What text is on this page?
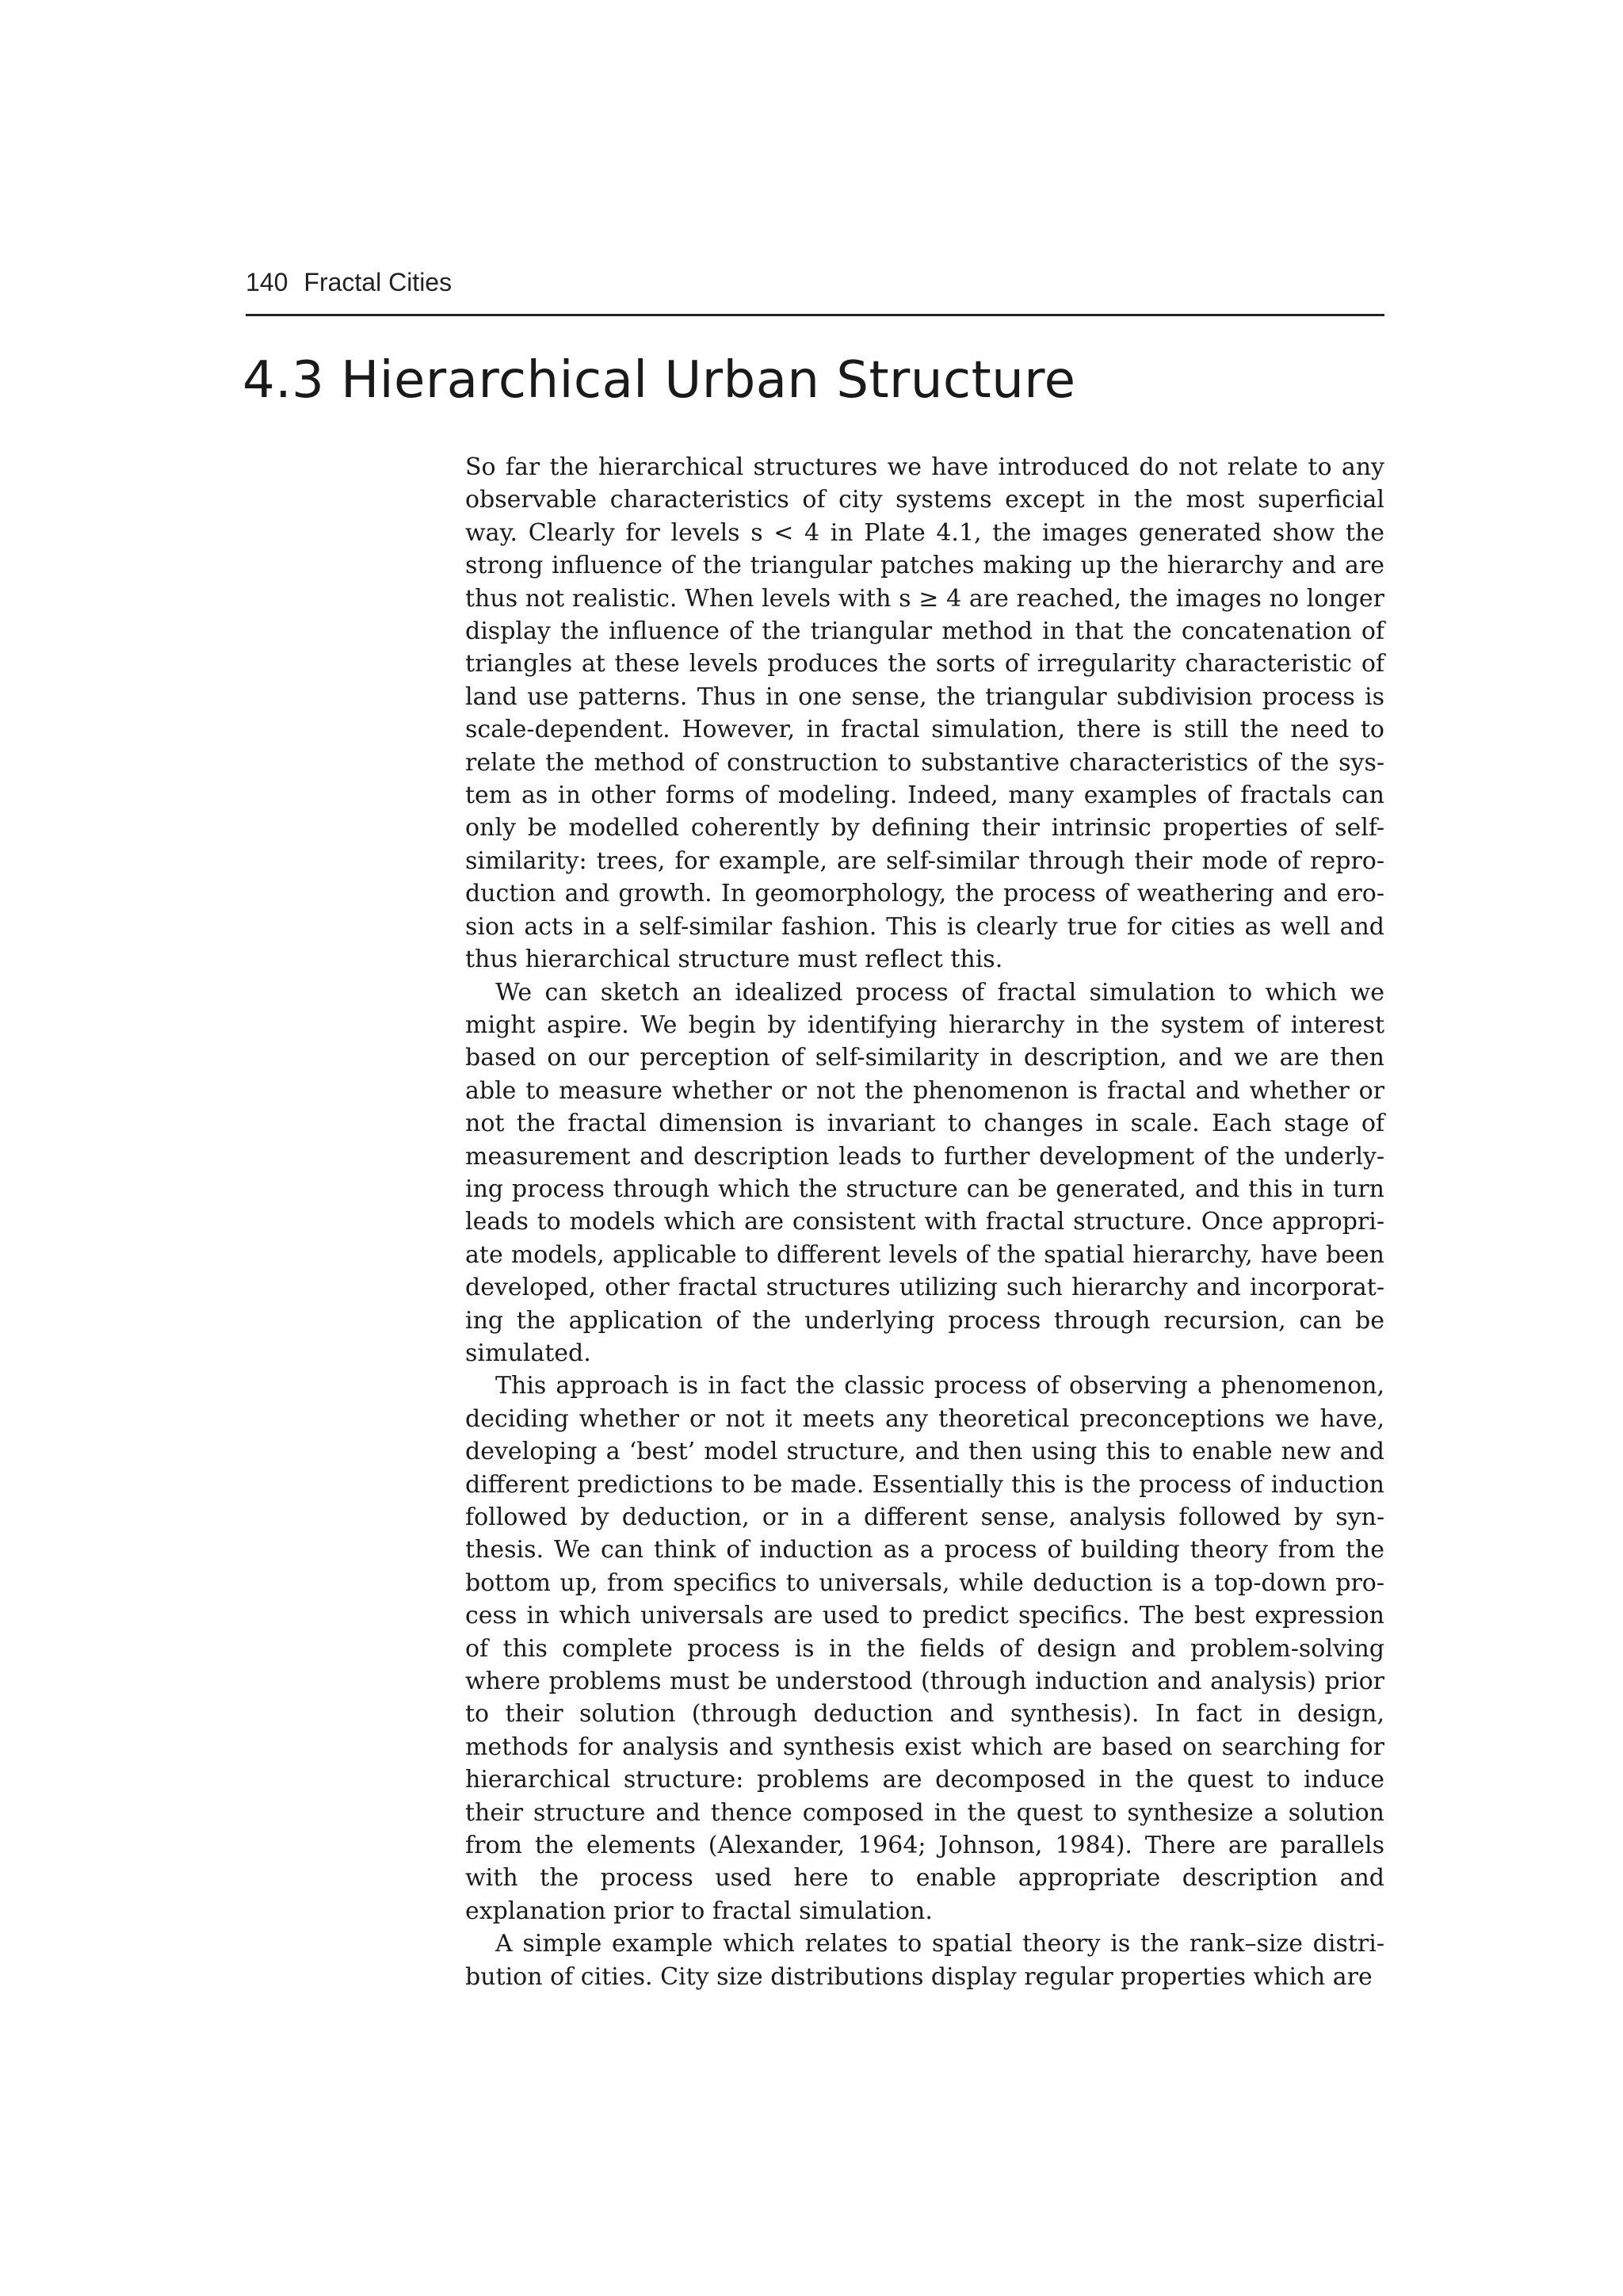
140 Fractal Cities
4.3 Hierarchical Urban Structure

So far the hierarchical structures we have introduced do not relate to any observable characteristics of city systems except in the most superficial way. Clearly for levels s < 4 in Plate 4.1, the images generated show the strong influence of the triangular patches making up the hierarchy and are thus not realistic. When levels with s ≥ 4 are reached, the images no longer display the influence of the triangular method in that the concatenation of triangles at these levels produces the sorts of irregularity characteristic of land use patterns. Thus in one sense, the triangular subdivision process is scale-dependent. However, in fractal simulation, there is still the need to relate the method of construction to substantive characteristics of the system as in other forms of modeling. Indeed, many examples of fractals can only be modelled coherently by defining their intrinsic properties of self-similarity: trees, for example, are self-similar through their mode of reproduction and growth. In geomorphology, the process of weathering and erosion acts in a self-similar fashion. This is clearly true for cities as well and thus hierarchical structure must reflect this.

We can sketch an idealized process of fractal simulation to which we might aspire. We begin by identifying hierarchy in the system of interest based on our perception of self-similarity in description, and we are then able to measure whether or not the phenomenon is fractal and whether or not the fractal dimension is invariant to changes in scale. Each stage of measurement and description leads to further development of the underlying process through which the structure can be generated, and this in turn leads to models which are consistent with fractal structure. Once appropriate models, applicable to different levels of the spatial hierarchy, have been developed, other fractal structures utilizing such hierarchy and incorporating the application of the underlying process through recursion, can be simulated.

This approach is in fact the classic process of observing a phenomenon, deciding whether or not it meets any theoretical preconceptions we have, developing a ‘best’ model structure, and then using this to enable new and different predictions to be made. Essentially this is the process of induction followed by deduction, or in a different sense, analysis followed by synthesis. We can think of induction as a process of building theory from the bottom up, from specifics to universals, while deduction is a top-down process in which universals are used to predict specifics. The best expression of this complete process is in the fields of design and problem-solving where problems must be understood (through induction and analysis) prior to their solution (through deduction and synthesis). In fact in design, methods for analysis and synthesis exist which are based on searching for hierarchical structure: problems are decomposed in the quest to induce their structure and thence composed in the quest to synthesize a solution from the elements (Alexander, 1964; Johnson, 1984). There are parallels with the process used here to enable appropriate description and explanation prior to fractal simulation.

A simple example which relates to spatial theory is the rank–size distribution of cities. City size distributions display regular properties which are
